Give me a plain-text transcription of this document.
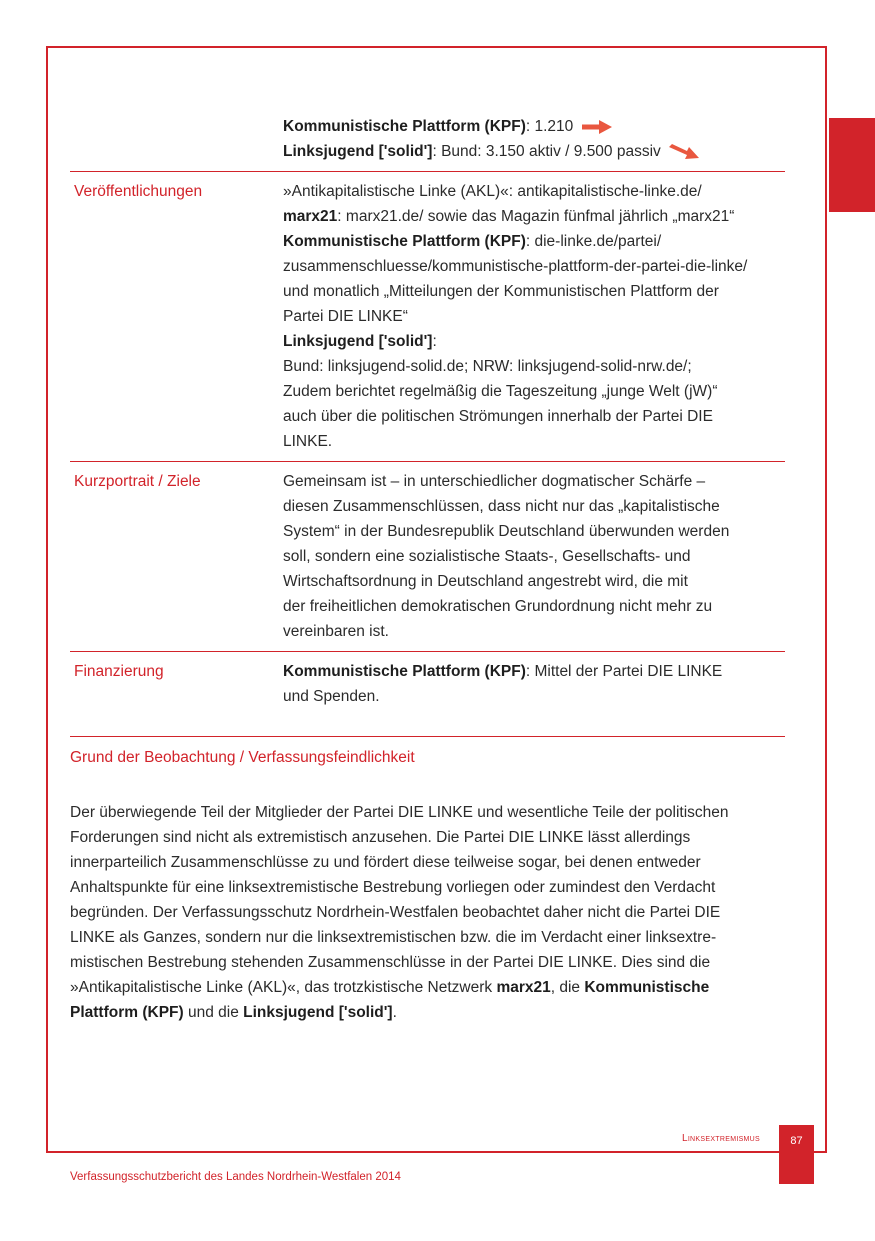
Kommunistische Plattform (KPF): 1.210
Linksjugend ['solid']: Bund: 3.150 aktiv / 9.500 passiv
Veröffentlichungen	»Antikapitalistische Linke (AKL)«: antikapitalistische-linke.de/
marx21: marx21.de/ sowie das Magazin fünfmal jährlich „marx21“
Kommunistische Plattform (KPF): die-linke.de/partei/
zusammenschluesse/kommunistische-plattform-der-partei-die-linke/
und monatlich „Mitteilungen der Kommunistischen Plattform der
Partei DIE LINKE“
Linksjugend ['solid']:
Bund: linksjugend-solid.de; NRW: linksjugend-solid-nrw.de/;
Zudem berichtet regelmäßig die Tageszeitung „junge Welt (jW)“
auch über die politischen Strömungen innerhalb der Partei DIE
LINKE.
Kurzportrait / Ziele	Gemeinsam ist – in unterschiedlicher dogmatischer Schärfe –
diesen Zusammenschlüssen, dass nicht nur das „kapitalistische
System“ in der Bundesrepublik Deutschland überwunden werden
soll, sondern eine sozialistische Staats-, Gesellschafts- und
Wirtschaftsordnung in Deutschland angestrebt wird, die mit
der freiheitlichen demokratischen Grundordnung nicht mehr zu
vereinbaren ist.
Finanzierung	Kommunistische Plattform (KPF): Mittel der Partei DIE LINKE
und Spenden.
Grund der Beobachtung / Verfassungsfeindlichkeit
Der überwiegende Teil der Mitglieder der Partei DIE LINKE und wesentliche Teile der politischen
Forderungen sind nicht als extremistisch anzusehen. Die Partei DIE LINKE lässt allerdings
innerparteilich Zusammenschlüsse zu und fördert diese teilweise sogar, bei denen entweder
Anhaltspunkte für eine linksextremistische Bestrebung vorliegen oder zumindest den Verdacht
begründen. Der Verfassungsschutz Nordrhein-Westfalen beobachtet daher nicht die Partei DIE
LINKE als Ganzes, sondern nur die linksextremistischen bzw. die im Verdacht einer linksextre-
mistischen Bestrebung stehenden Zusammenschlüsse in der Partei DIE LINKE. Dies sind die
»Antikapitalistische Linke (AKL)«, das trotzkistische Netzwerk marx21, die Kommunistische
Plattform (KPF) und die Linksjugend ['solid'].
Linksextremismus	87
Verfassungsschutzbericht des Landes Nordrhein-Westfalen 2014
